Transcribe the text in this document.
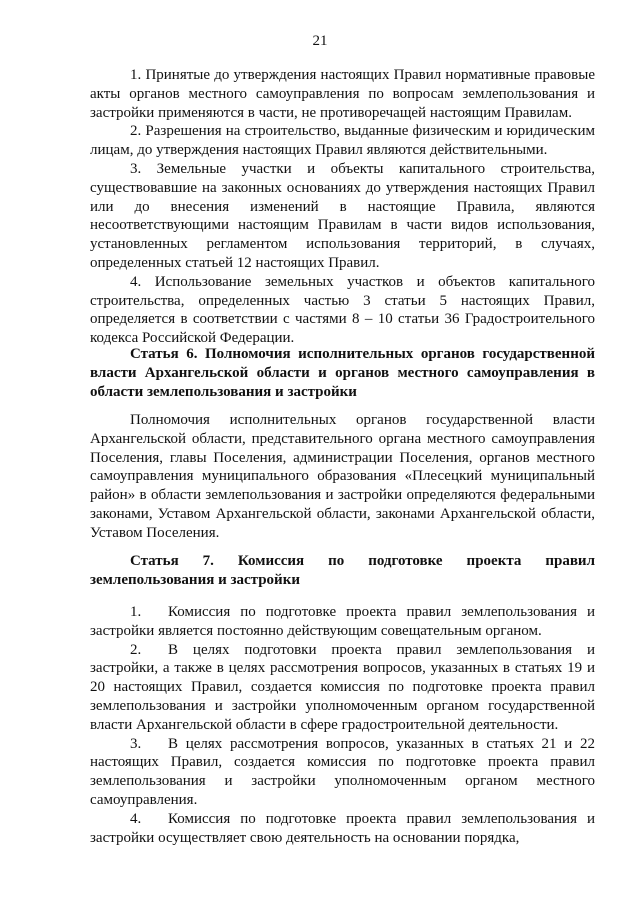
21

1. Принятые до утверждения настоящих Правил нормативные правовые акты органов местного самоуправления по вопросам землепользования и застройки применяются в части, не противоречащей настоящим Правилам.

2. Разрешения на строительство, выданные физическим и юридическим лицам, до утверждения настоящих Правил являются действительными.

3. Земельные участки и объекты капитального строительства, существовавшие на законных основаниях до утверждения настоящих Правил или до внесения изменений в настоящие Правила, являются несоответствующими настоящим Правилам в части видов использования, установленных регламентом использования территорий, в случаях, определенных статьей 12 настоящих Правил.

4. Использование земельных участков и объектов капитального строительства, определенных частью 3 статьи 5 настоящих Правил, определяется в соответствии с частями 8 – 10 статьи 36 Градостроительного кодекса Российской Федерации.

Статья 6. Полномочия исполнительных органов государственной власти Архангельской области и органов местного самоуправления в области землепользования и застройки

Полномочия исполнительных органов государственной власти Архангельской области, представительного органа местного самоуправления Поселения, главы Поселения, администрации Поселения, органов местного самоуправления муниципального образования «Плесецкий муниципальный район» в области землепользования и застройки определяются федеральными законами, Уставом Архангельской области, законами Архангельской области, Уставом Поселения.

Статья 7. Комиссия по подготовке проекта правил землепользования и застройки

1. Комиссия по подготовке проекта правил землепользования и застройки является постоянно действующим совещательным органом.

2. В целях подготовки проекта правил землепользования и застройки, а также в целях рассмотрения вопросов, указанных в статьях 19 и 20 настоящих Правил, создается комиссия по подготовке проекта правил землепользования и застройки уполномоченным органом государственной власти Архангельской области в сфере градостроительной деятельности.

3. В целях рассмотрения вопросов, указанных в статьях 21 и 22 настоящих Правил, создается комиссия по подготовке проекта правил землепользования и застройки уполномоченным органом местного самоуправления.

4. Комиссия по подготовке проекта правил землепользования и застройки осуществляет свою деятельность на основании порядка,
